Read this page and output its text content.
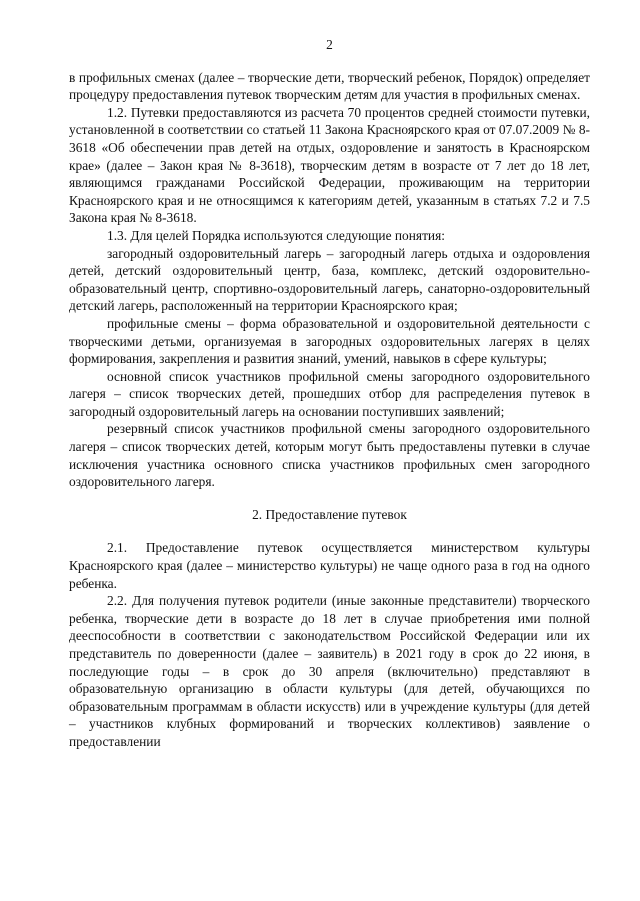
2

в профильных сменах (далее – творческие дети, творческий ребенок, Порядок) определяет процедуру предоставления путевок творческим детям для участия в профильных сменах.

1.2. Путевки предоставляются из расчета 70 процентов средней стоимости путевки, установленной в соответствии со статьей 11 Закона Красноярского края от 07.07.2009 № 8-3618 «Об обеспечении прав детей на отдых, оздоровление и занятость в Красноярском крае» (далее – Закон края № 8-3618), творческим детям в возрасте от 7 лет до 18 лет, являющимся гражданами Российской Федерации, проживающим на территории Красноярского края и не относящимся к категориям детей, указанным в статьях 7.2 и 7.5 Закона края № 8-3618.

1.3. Для целей Порядка используются следующие понятия:

загородный оздоровительный лагерь – загородный лагерь отдыха и оздоровления детей, детский оздоровительный центр, база, комплекс, детский оздоровительно-образовательный центр, спортивно-оздоровительный лагерь, санаторно-оздоровительный детский лагерь, расположенный на территории Красноярского края;

профильные смены – форма образовательной и оздоровительной деятельности с творческими детьми, организуемая в загородных оздоровительных лагерях в целях формирования, закрепления и развития знаний, умений, навыков в сфере культуры;

основной список участников профильной смены загородного оздоровительного лагеря – список творческих детей, прошедших отбор для распределения путевок в загородный оздоровительный лагерь на основании поступивших заявлений;

резервный список участников профильной смены загородного оздоровительного лагеря – список творческих детей, которым могут быть предоставлены путевки в случае исключения участника основного списка участников профильных смен загородного оздоровительного лагеря.

2. Предоставление путевок

2.1. Предоставление путевок осуществляется министерством культуры Красноярского края (далее – министерство культуры) не чаще одного раза в год на одного ребенка.

2.2. Для получения путевок родители (иные законные представители) творческого ребенка, творческие дети в возрасте до 18 лет в случае приобретения ими полной дееспособности в соответствии с законодательством Российской Федерации или их представитель по доверенности (далее – заявитель) в 2021 году в срок до 22 июня, в последующие годы – в срок до 30 апреля (включительно) представляют в образовательную организацию в области культуры (для детей, обучающихся по образовательным программам в области искусств) или в учреждение культуры (для детей – участников клубных формирований и творческих коллективов) заявление о предоставлении
